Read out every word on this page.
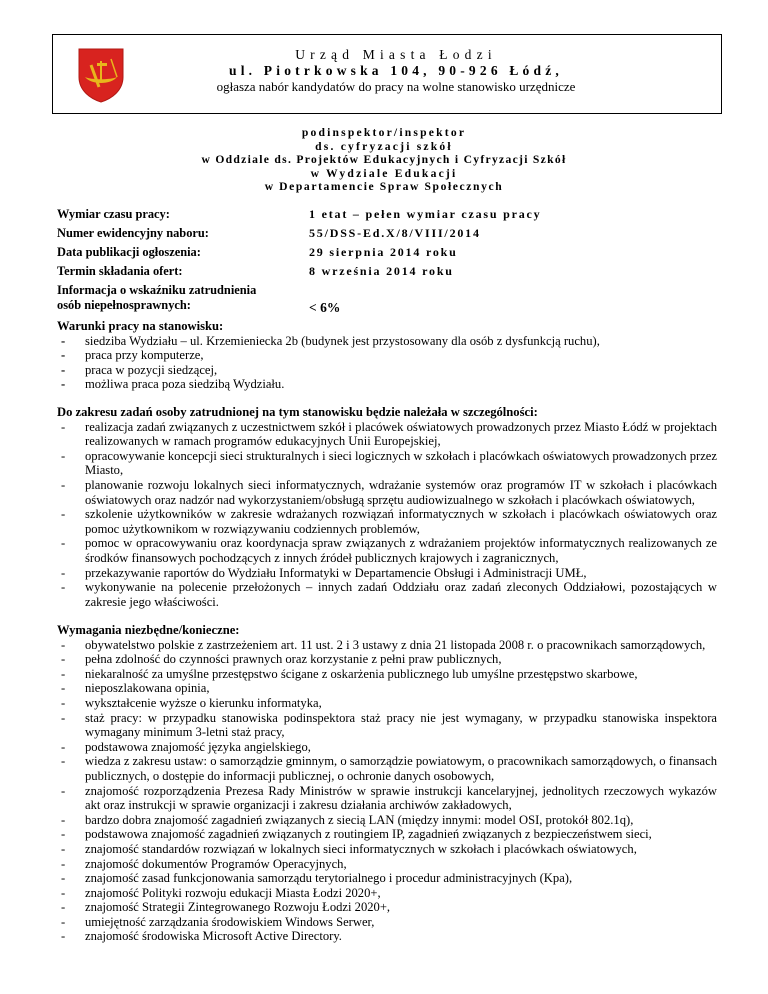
Urząd Miasta Łodzi
ul. Piotrkowska 104, 90-926 Łódź,
ogłasza nabór kandydatów do pracy na wolne stanowisko urzędnicze
podinspektor/inspektor
ds. cyfryzacji szkół
w Oddziale ds. Projektów Edukacyjnych i Cyfryzacji Szkół
w Wydziale Edukacji
w Departamencie Spraw Społecznych
Wymiar czasu pracy:	1 etat – pełen wymiar czasu pracy
Numer ewidencyjny naboru:	55/DSS-Ed.X/8/VIII/2014
Data publikacji ogłoszenia:	29 sierpnia 2014 roku
Termin składania ofert:	8 września 2014 roku
Informacja o wskaźniku zatrudnienia
osób niepełnosprawnych:	< 6%
Warunki pracy na stanowisku:
- siedziba Wydziału – ul. Krzemieniecka 2b (budynek jest przystosowany dla osób z dysfunkcją ruchu),
- praca przy komputerze,
- praca w pozycji siedzącej,
- możliwa praca poza siedzibą Wydziału.
Do zakresu zadań osoby zatrudnionej na tym stanowisku będzie należała w szczególności:
- realizacja zadań związanych z uczestnictwem szkół i placówek oświatowych prowadzonych przez Miasto Łódź w projektach realizowanych w ramach programów edukacyjnych Unii Europejskiej,
- opracowywanie koncepcji sieci strukturalnych i sieci logicznych w szkołach i placówkach oświatowych prowadzonych przez Miasto,
- planowanie rozwoju lokalnych sieci informatycznych, wdrażanie systemów oraz programów IT w szkołach i placówkach oświatowych oraz nadzór nad wykorzystaniem/obsługą sprzętu audiowizualnego w szkołach i placówkach oświatowych,
- szkolenie użytkowników w zakresie wdrażanych rozwiązań informatycznych w szkołach i placówkach oświatowych oraz pomoc użytkownikom w rozwiązywaniu codziennych problemów,
- pomoc w opracowywaniu oraz koordynacja spraw związanych z wdrażaniem projektów informatycznych realizowanych ze środków finansowych pochodzących z innych źródeł publicznych krajowych i zagranicznych,
- przekazywanie raportów do Wydziału Informatyki w Departamencie Obsługi i Administracji UMŁ,
- wykonywanie na polecenie przełożonych – innych zadań Oddziału oraz zadań zleconych Oddziałowi, pozostających w zakresie jego właściwości.
Wymagania niezbędne/konieczne:
- obywatelstwo polskie z zastrzeżeniem art. 11 ust. 2 i 3 ustawy z dnia 21 listopada 2008 r. o pracownikach samorządowych,
- pełna zdolność do czynności prawnych oraz korzystanie z pełni praw publicznych,
- niekaralność za umyślne przestępstwo ścigane z oskarżenia publicznego lub umyślne przestępstwo skarbowe,
- nieposzlakowana opinia,
- wykształcenie wyższe o kierunku informatyka,
- staż pracy: w przypadku stanowiska podinspektora staż pracy nie jest wymagany, w przypadku stanowiska inspektora wymagany minimum 3-letni staż pracy,
- podstawowa znajomość języka angielskiego,
- wiedza z zakresu ustaw: o samorządzie gminnym, o samorządzie powiatowym, o pracownikach samorządowych, o finansach publicznych, o dostępie do informacji publicznej, o ochronie danych osobowych,
- znajomość rozporządzenia Prezesa Rady Ministrów w sprawie instrukcji kancelaryjnej, jednolitych rzeczowych wykazów akt oraz instrukcji w sprawie organizacji i zakresu działania archiwów zakładowych,
- bardzo dobra znajomość zagadnień związanych z siecią LAN (między innymi: model OSI, protokół 802.1q),
- podstawowa znajomość zagadnień związanych z routingiem IP, zagadnień związanych z bezpieczeństwem sieci,
- znajomość standardów rozwiązań w lokalnych sieci informatycznych w szkołach i placówkach oświatowych,
- znajomość dokumentów Programów Operacyjnych,
- znajomość zasad funkcjonowania samorządu terytorialnego i procedur administracyjnych (Kpa),
- znajomość Polityki rozwoju edukacji Miasta Łodzi 2020+,
- znajomość Strategii Zintegrowanego Rozwoju Łodzi 2020+,
- umiejętność zarządzania środowiskiem Windows Serwer,
- znajomość środowiska Microsoft Active Directory.
